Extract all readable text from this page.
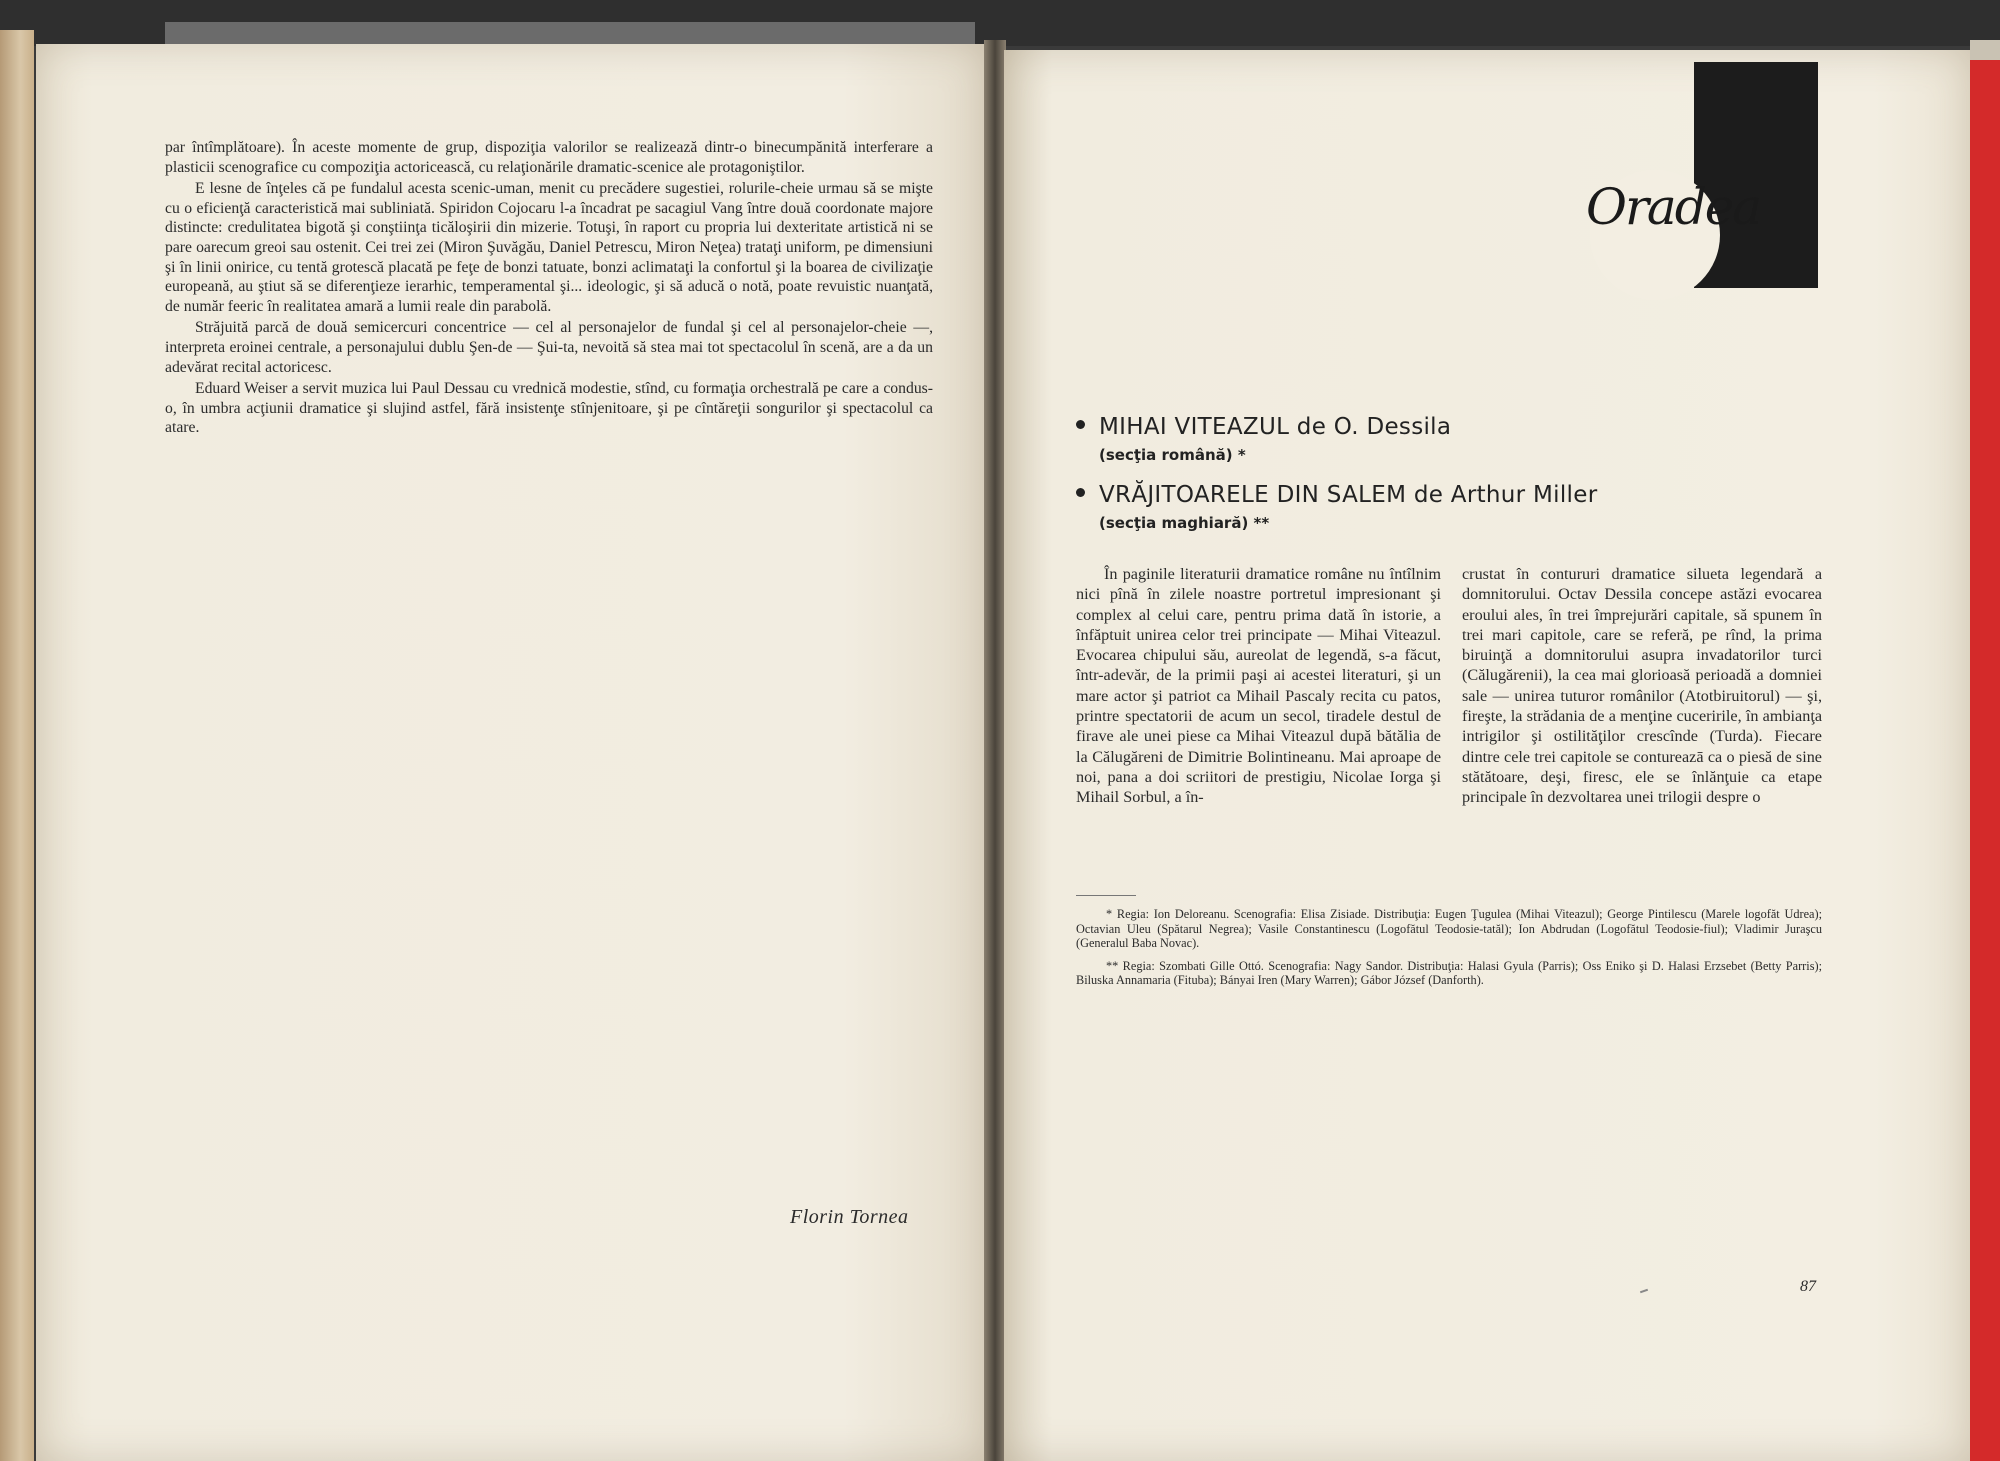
par întîmplătoare). În aceste momente de grup, dispoziţia valorilor se realizează dintr-o binecumpănită interferare a plasticii scenografice cu compoziţia actoricească, cu relaţionările dramatic-scenice ale protagoniştilor.

E lesne de înţeles că pe fundalul acesta scenic-uman, menit cu precădere sugestiei, rolurile-cheie urmau să se mişte cu o eficienţă caracteristică mai subliniată. Spiridon Cojocaru l-a încadrat pe sacagiul Vang între două coordonate majore distincte: credulitatea bigotă şi conştiinţa ticăloşirii din mizerie. Totuşi, în raport cu propria lui dexteritate artistică ni se pare oarecum greoi sau ostenit. Cei trei zei (Miron Şuvăgău, Daniel Petrescu, Miron Neţea) trataţi uniform, pe dimensiuni şi în linii onirice, cu tentă grotescă placată pe feţe de bonzi tatuate, bonzi aclimataţi la confortul şi la boarea de civilizaţie europeană, au ştiut să se diferenţieze ierarhic, temperamental şi... ideologic, şi să aducă o notă, poate revuistic nuanţată, de număr feeric în realitatea amară a lumii reale din parabolă.

Străjuită parcă de două semicercuri concentrice — cel al personajelor de fundal şi cel al personajelor-cheie —, interpreta eroinei centrale, a personajului dublu Şen-de — Şui-ta, nevoită să stea mai tot spectacolul în scenă, are a da un adevărat recital actoricesc.

Eduard Weiser a servit muzica lui Paul Dessau cu vrednică modestie, stînd, cu formaţia orchestrală pe care a condus-o, în umbra acţiunii dramatice şi slujind astfel, fără insistenţe stînjenitoare, şi pe cîntăreţii songurilor şi spectacolul ca atare.

Florin Tornea
Oradea
MIHAI VITEAZUL de O. Dessila
(secţia română) *
VRĂJITOARELE DIN SALEM de Arthur Miller
(secţia maghiară) **

În paginile literaturii dramatice române nu întîlnim nici pînă în zilele noastre portretul impresionant şi complex al celui care, pentru prima dată în istorie, a înfăptuit unirea celor trei principate — Mihai Viteazul. Evocarea chipului său, aureolat de legendă, s-a făcut, într-adevăr, de la primii paşi ai acestei literaturi, şi un mare actor şi patriot ca Mihail Pascaly recita cu patos, printre spectatorii de acum un secol, tiradele destul de firave ale unei piese ca Mihai Viteazul după bătălia de la Călugăreni de Dimitrie Bolintineanu. Mai aproape de noi, pana a doi scriitori de prestigiu, Nicolae Iorga şi Mihail Sorbul, a în-

crustat în contururi dramatice silueta legendară a domnitorului. Octav Dessila concepe astăzi evocarea eroului ales, în trei împrejurări capitale, să spunem în trei mari capitole, care se referă, pe rînd, la prima biruinţă a domnitorului asupra invadatorilor turci (Călugărenii), la cea mai glorioasă perioadă a domniei sale — unirea tuturor românilor (Atotbiruitorul) — şi, fireşte, la strădania de a menţine cuceririle, în ambianţa intrigilor şi ostilităţilor crescînde (Turda). Fiecare dintre cele trei capitole se contureazā ca o piesă de sine stătătoare, deşi, firesc, ele se înlănţuie ca etape principale în dezvoltarea unei trilogii despre o

* Regia: Ion Deloreanu. Scenografia: Elisa Zisiade. Distribuţia: Eugen Ţugulea (Mihai Viteazul); George Pintilescu (Marele logofăt Udrea); Octavian Uleu (Spătarul Negrea); Vasile Constantinescu (Logofătul Teodosie-tatăl); Ion Abdrudan (Logofătul Teodosie-fiul); Vladimir Juraşcu (Generalul Baba Novac).

** Regia: Szombati Gille Ottó. Scenografia: Nagy Sandor. Distribuţia: Halasi Gyula (Parris); Oss Eniko şi D. Halasi Erzsebet (Betty Parris); Biluska Annamaria (Fituba); Bányai Iren (Mary Warren); Gábor József (Danforth).

87
